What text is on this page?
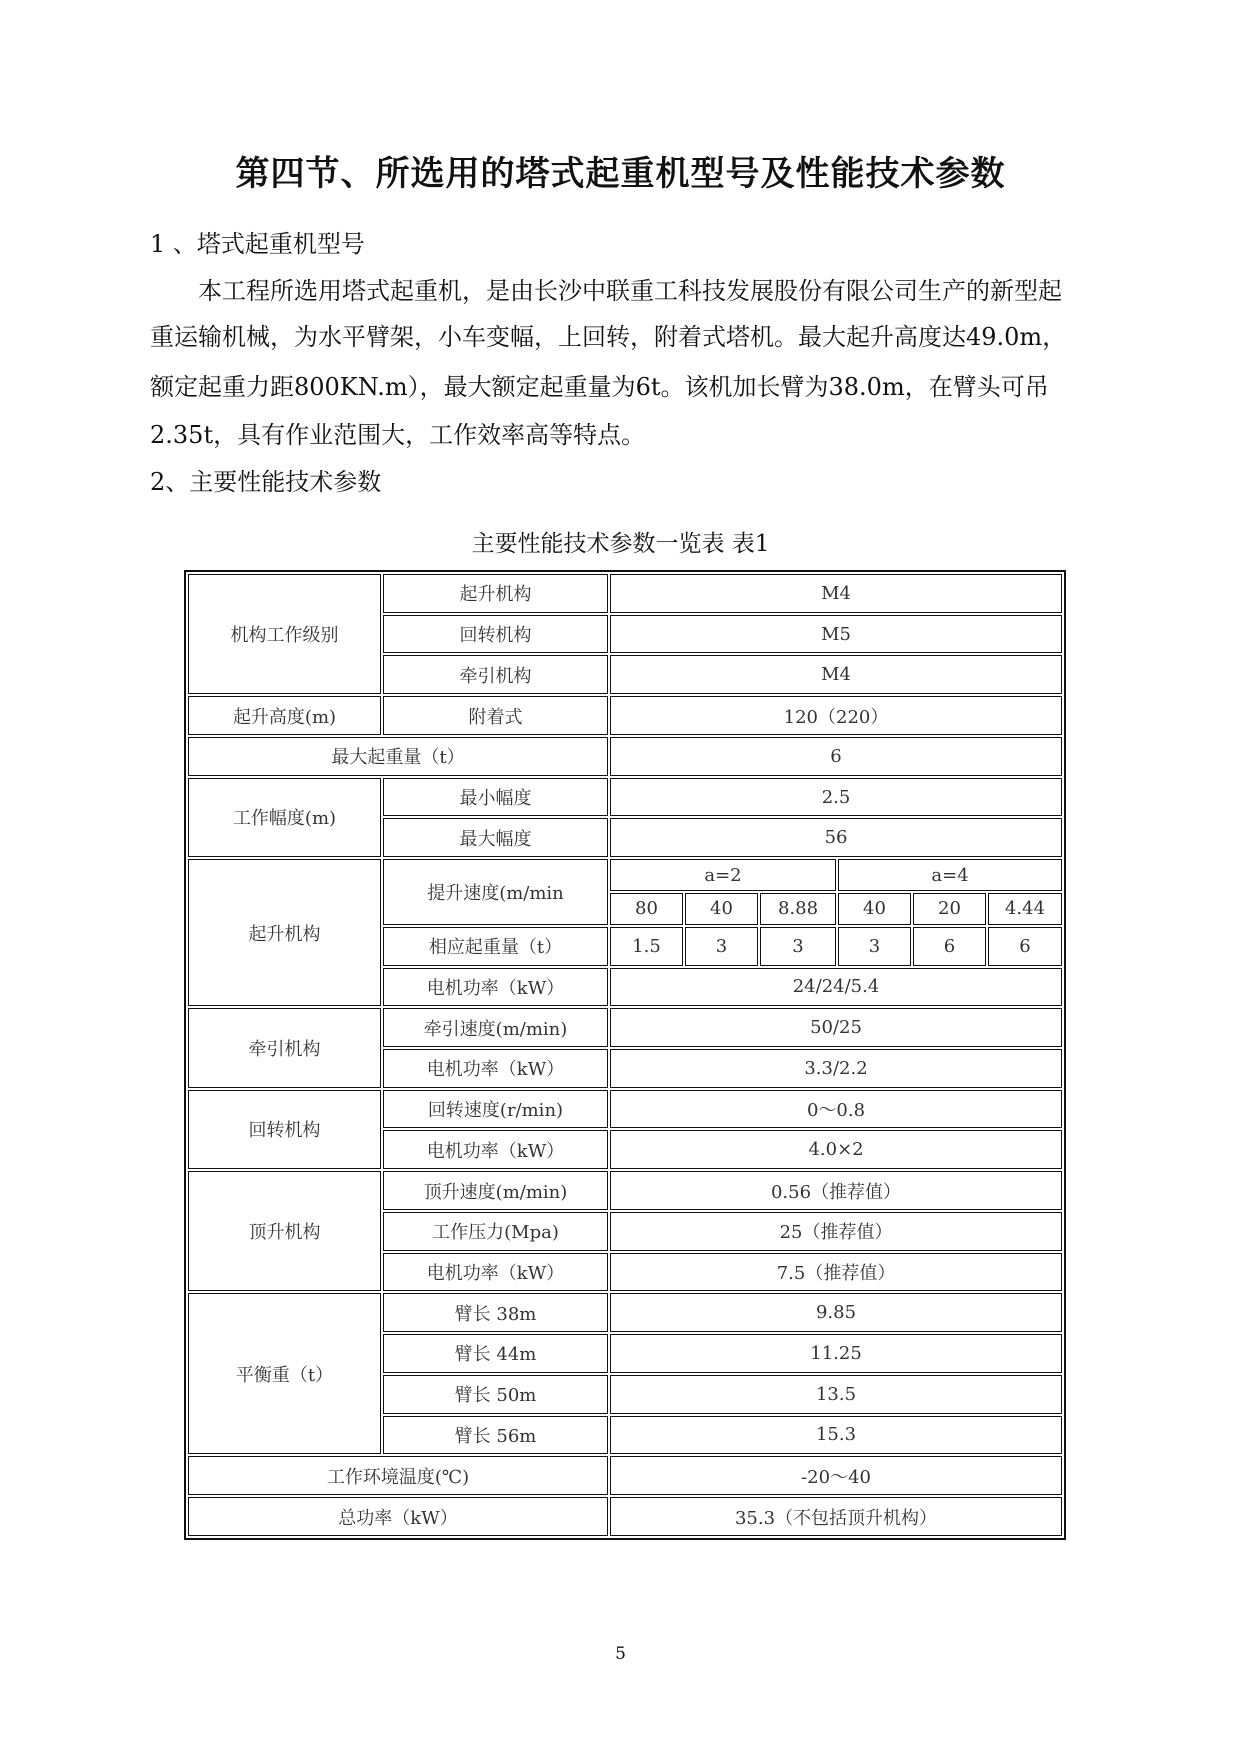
第四节、所选用的塔式起重机型号及性能技术参数
1 、塔式起重机型号
本工程所选用塔式起重机，是由长沙中联重工科技发展股份有限公司生产的新型起
重运输机械，为水平臂架，小车变幅，上回转，附着式塔机。最大起升高度达49.0m，
额定起重力距800KN.m），最大额定起重量为6t。该机加长臂为38.0m，在臂头可吊
2.35t，具有作业范围大，工作效率高等特点。
2、主要性能技术参数
主要性能技术参数一览表 表1
机构工作级别	起升机构	M4					
	回转机构	M5					
	牵引机构	M4					
起升高度(m)	附着式	120（220）					
最大起重量（t）		6					
工作幅度(m)	最小幅度	2.5					
	最大幅度	56					
起升机构	提升速度(m/min	a=2			a=4		
		80	40	8.88	40	20	4.44
	相应起重量（t）	1.5	3	3	3	6	6
	电机功率（kW）	24/24/5.4					
牵引机构	牵引速度(m/min)	50/25					
	电机功率（kW）	3.3/2.2					
回转机构	回转速度(r/min)	0～0.8					
	电机功率（kW）	4.0×2					
顶升机构	顶升速度(m/min)	0.56（推荐值）					
	工作压力(Mpa)	25（推荐值）					
	电机功率（kW）	7.5（推荐值）					
平衡重（t）	臂长 38m	9.85					
	臂长 44m	11.25					
	臂长 50m	13.5					
	臂长 56m	15.3					
工作环境温度(℃)		-20～40					
总功率（kW）		35.3（不包括顶升机构）					
5
